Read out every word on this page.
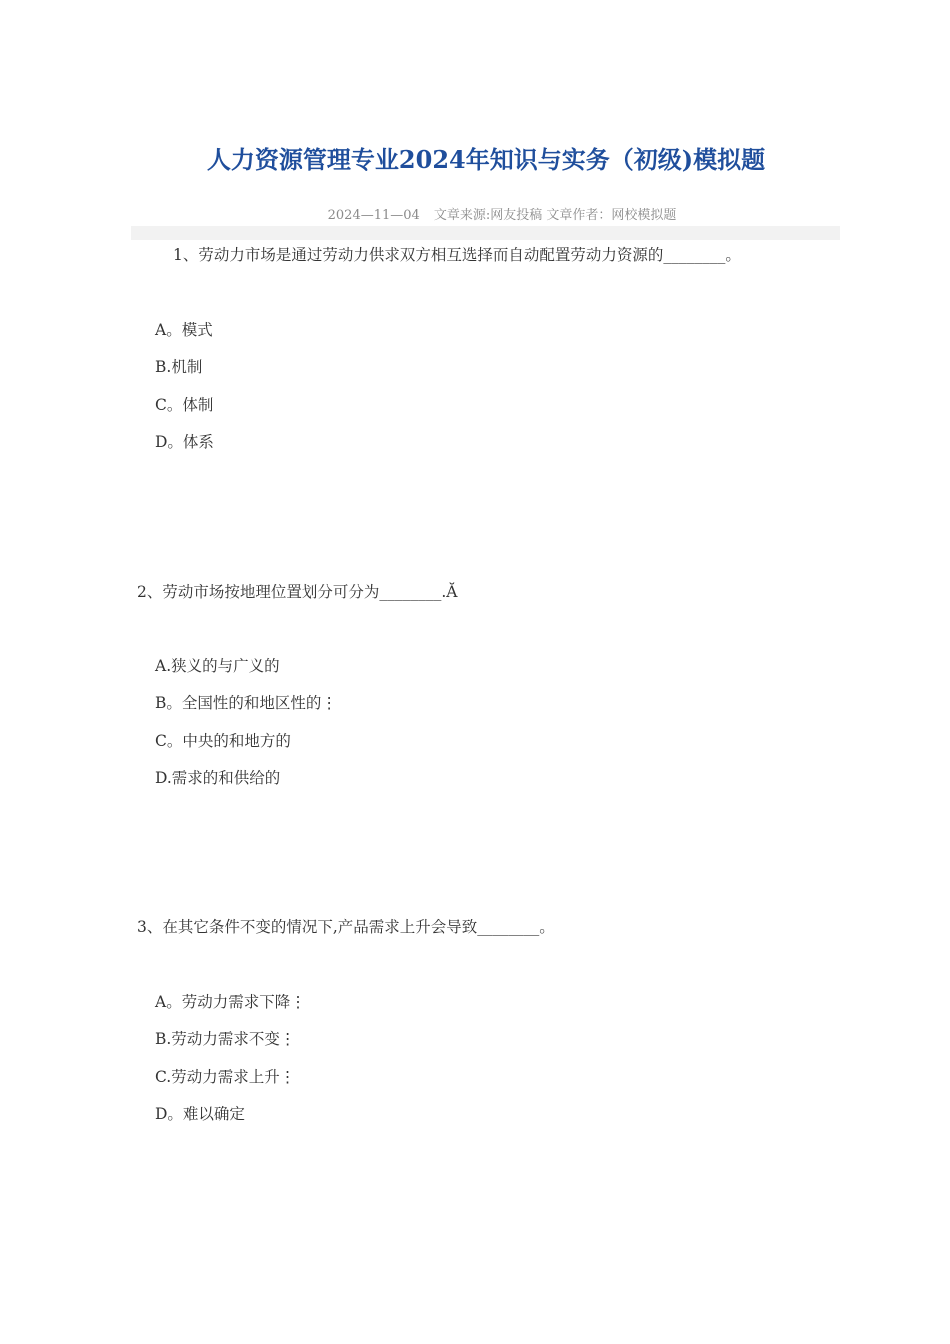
人力资源管理专业2024年知识与实务（初级)模拟题
2024—11—04 文章来源:网友投稿 文章作者：网校模拟题
1、劳动力市场是通过劳动力供求双方相互选择而自动配置劳动力资源的________。
A。模式
B.机制
C。体制
D。体系
2、劳动市场按地理位置划分可分为________.Ă
A.狭义的与广义的
B。全国性的和地区性的⋮
C。中央的和地方的
D.需求的和供给的
3、在其它条件不变的情况下,产品需求上升会导致________。
A。劳动力需求下降⋮
B.劳动力需求不变⋮
C.劳动力需求上升⋮
D。难以确定
